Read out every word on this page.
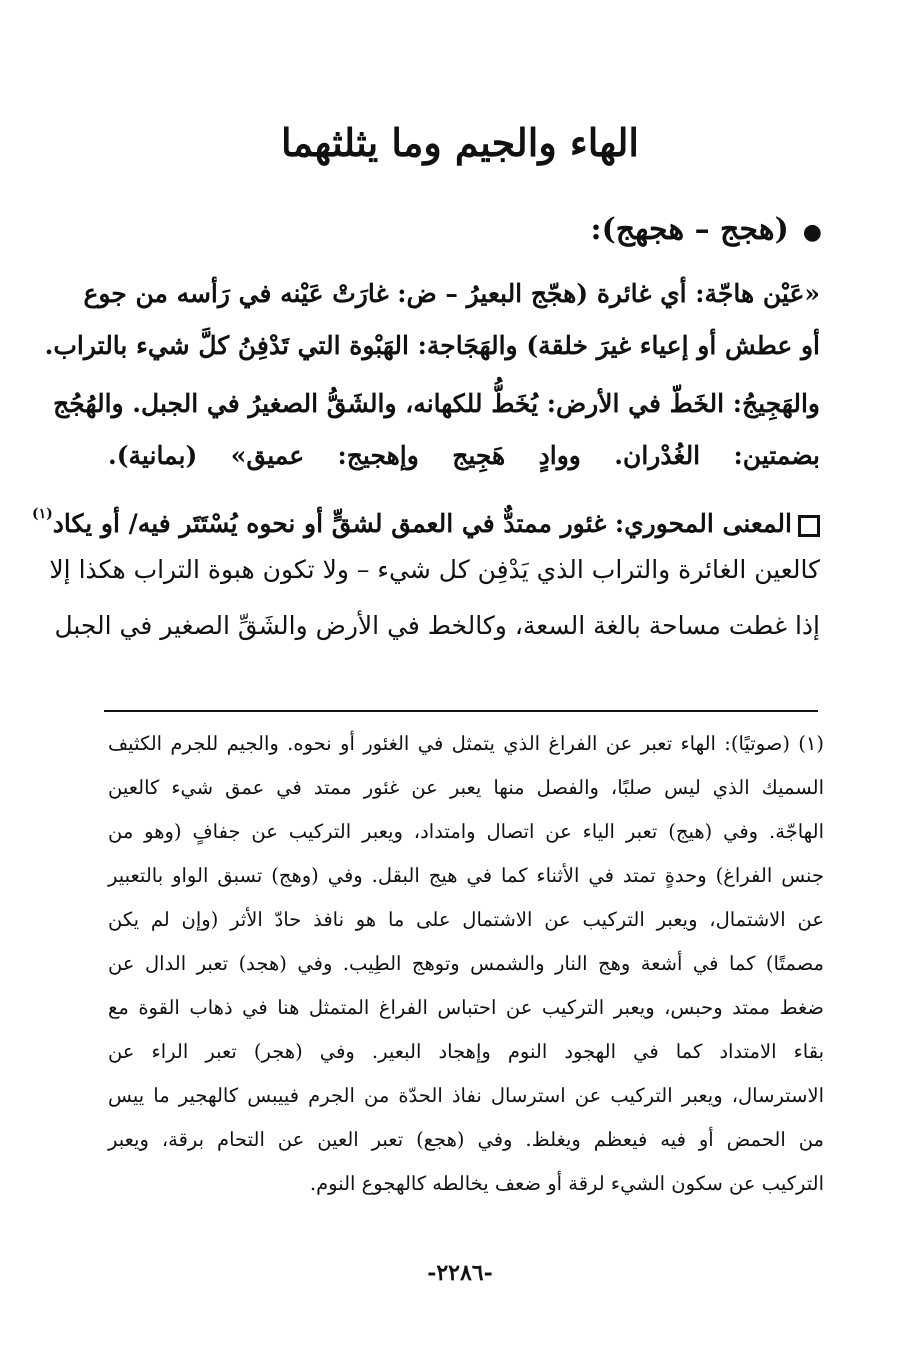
الهاء والجيم وما يثلثهما
●(هجج – هجهج):
«عَيْن هاجّة: أي غائرة (هجّج البعيرُ – ض: غارَتْ عَيْنه في رَأسه من جوع
أو عطش أو إعياء غيرَ خلقة) والهَجَاجة: الهَبْوة التي تَدْفِنُ كلَّ شيء بالتراب.
والهَجِيجُ: الخَطّ في الأرض: يُخَطُّ للكهانه، والشَقُّ الصغيرُ في الجبل. والهُجُج
بضمتين: الغُدْران. ووادٍ هَجِيج وإهجيج: عميق» (بمانية).
المعنى المحوري: غئور ممتدٌّ في العمق لشقٍّ أو نحوه يُسْتَتَر فيه/ أو يكاد$^{(١)}$
كالعين الغائرة والتراب الذي يَدْفِن كل شيء – ولا تكون هبوة التراب هكذا إلا
إذا غطت مساحة بالغة السعة، وكالخط في الأرض والشَقِّ الصغير في الجبل
(١) (صوتيًا): الهاء تعبر عن الفراغ الذي يتمثل في الغئور أو نحوه. والجيم للجرم الكثيف
السميك الذي ليس صلبًا، والفصل منها يعبر عن غئور ممتد في عمق شيء كالعين
الهاجّة. وفي (هيج) تعبر الياء عن اتصال وامتداد، ويعبر التركيب عن جفافٍ (وهو من
جنس الفراغ) وحدةٍ تمتد في الأثناء كما في هيج البقل. وفي (وهج) تسبق الواو بالتعبير
عن الاشتمال، ويعبر التركيب عن الاشتمال على ما هو نافذ حادّ الأثر (وإن لم يكن
مصمتًا) كما في أشعة وهج النار والشمس وتوهج الطِيب. وفي (هجد) تعبر الدال عن
ضغط ممتد وحبس، ويعبر التركيب عن احتباس الفراغ المتمثل هنا في ذهاب القوة مع
بقاء الامتداد كما في الهجود النوم وإهجاد البعير. وفي (هجر) تعبر الراء عن
الاسترسال، ويعبر التركيب عن استرسال نفاذ الحدّة من الجرم فييبس كالهجير ما ييس
من الحمض أو فيه فيعظم ويغلظ. وفي (هجع) تعبر العين عن التحام برقة، ويعبر
التركيب عن سكون الشيء لرقة أو ضعف يخالطه كالهجوع النوم.
-٢٢٨٦-
